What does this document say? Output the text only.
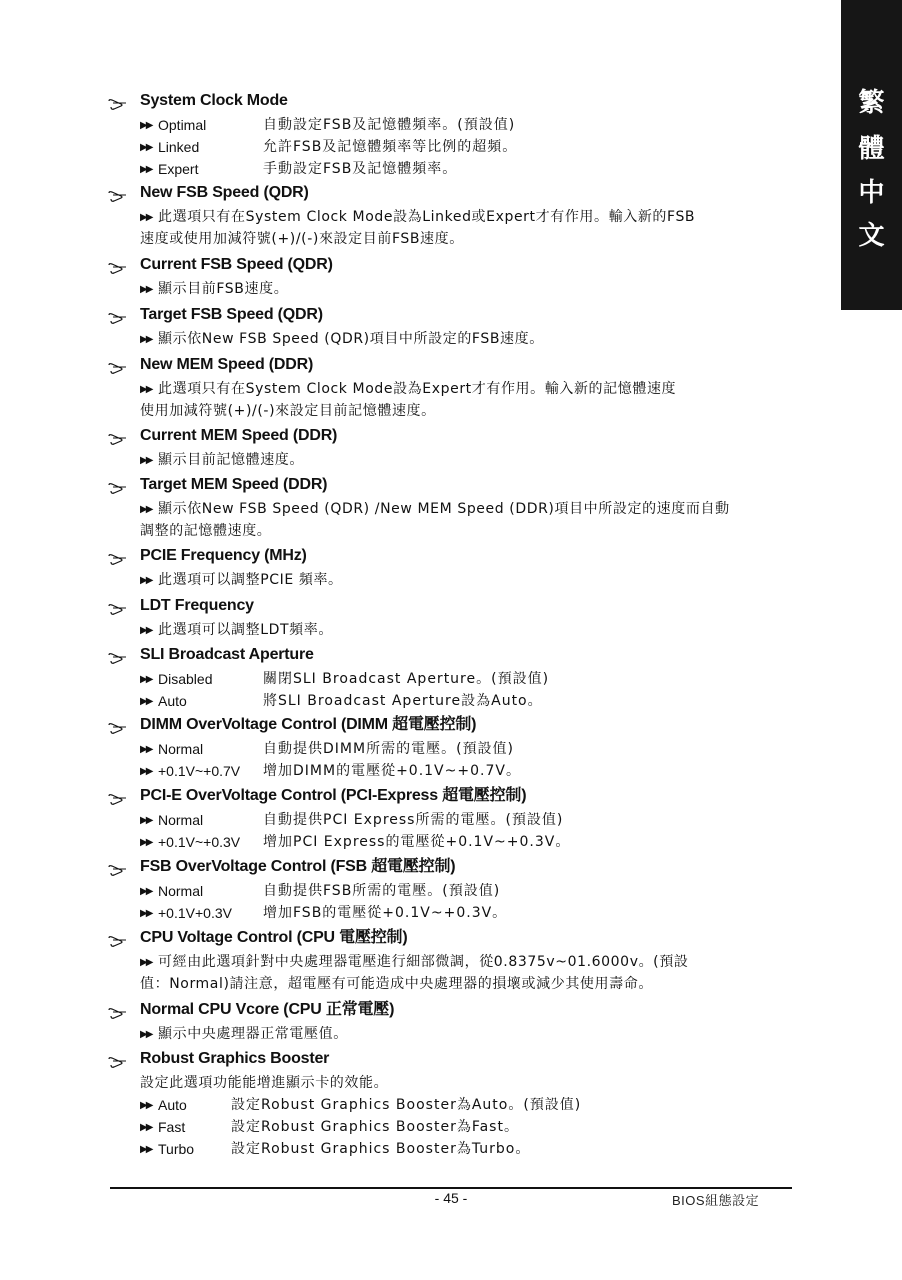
繁
體
中
文
System Clock Mode
▶▶ Optimal	自動設定FSB及記憶體頻率。(預設值)
▶▶ Linked	允許FSB及記憶體頻率等比例的超頻。
▶▶ Expert	手動設定FSB及記憶體頻率。
New FSB Speed (QDR)
▶▶ 此選項只有在System Clock Mode設為Linked或Expert才有作用。輸入新的FSB
速度或使用加減符號(+)/(-)來設定目前FSB速度。
Current FSB Speed (QDR)
▶▶ 顯示目前FSB速度。
Target FSB Speed (QDR)
▶▶ 顯示依New FSB Speed (QDR)項目中所設定的FSB速度。
New MEM Speed (DDR)
▶▶ 此選項只有在System Clock Mode設為Expert才有作用。輸入新的記憶體速度
使用加減符號(+)/(-)來設定目前記憶體速度。
Current MEM Speed (DDR)
▶▶ 顯示目前記憶體速度。
Target MEM Speed (DDR)
▶▶ 顯示依New FSB Speed (QDR) /New MEM Speed (DDR)項目中所設定的速度而自動
調整的記憶體速度。
PCIE Frequency (MHz)
▶▶ 此選項可以調整PCIE 頻率。
LDT Frequency
▶▶ 此選項可以調整LDT頻率。
SLI Broadcast Aperture
▶▶ Disabled	關閉SLI Broadcast Aperture。(預設值)
▶▶ Auto	將SLI Broadcast Aperture設為Auto。
DIMM OverVoltage Control (DIMM 超電壓控制)
▶▶ Normal	自動提供DIMM所需的電壓。(預設值)
▶▶ +0.1V~+0.7V 增加DIMM的電壓從+0.1V~+0.7V。
PCI-E OverVoltage Control (PCI-Express 超電壓控制)
▶▶ Normal	自動提供PCI Express所需的電壓。(預設值)
▶▶ +0.1V~+0.3V 增加PCI Express的電壓從+0.1V~+0.3V。
FSB OverVoltage Control (FSB 超電壓控制)
▶▶ Normal	自動提供FSB所需的電壓。(預設值)
▶▶ +0.1V+0.3V 增加FSB的電壓從+0.1V~+0.3V。
CPU Voltage Control (CPU 電壓控制)
▶▶ 可經由此選項針對中央處理器電壓進行細部微調，從0.8375v~01.6000v。(預設
值：Normal)請注意，超電壓有可能造成中央處理器的損壞或減少其使用壽命。
Normal CPU Vcore (CPU 正常電壓)
▶▶ 顯示中央處理器正常電壓值。
Robust Graphics Booster
設定此選項功能能增進顯示卡的效能。
▶▶ Auto	設定Robust Graphics Booster為Auto。(預設值)
▶▶ Fast	設定Robust Graphics Booster為Fast。
▶▶ Turbo	設定Robust Graphics Booster為Turbo。
- 45 -	BIOS組態設定
